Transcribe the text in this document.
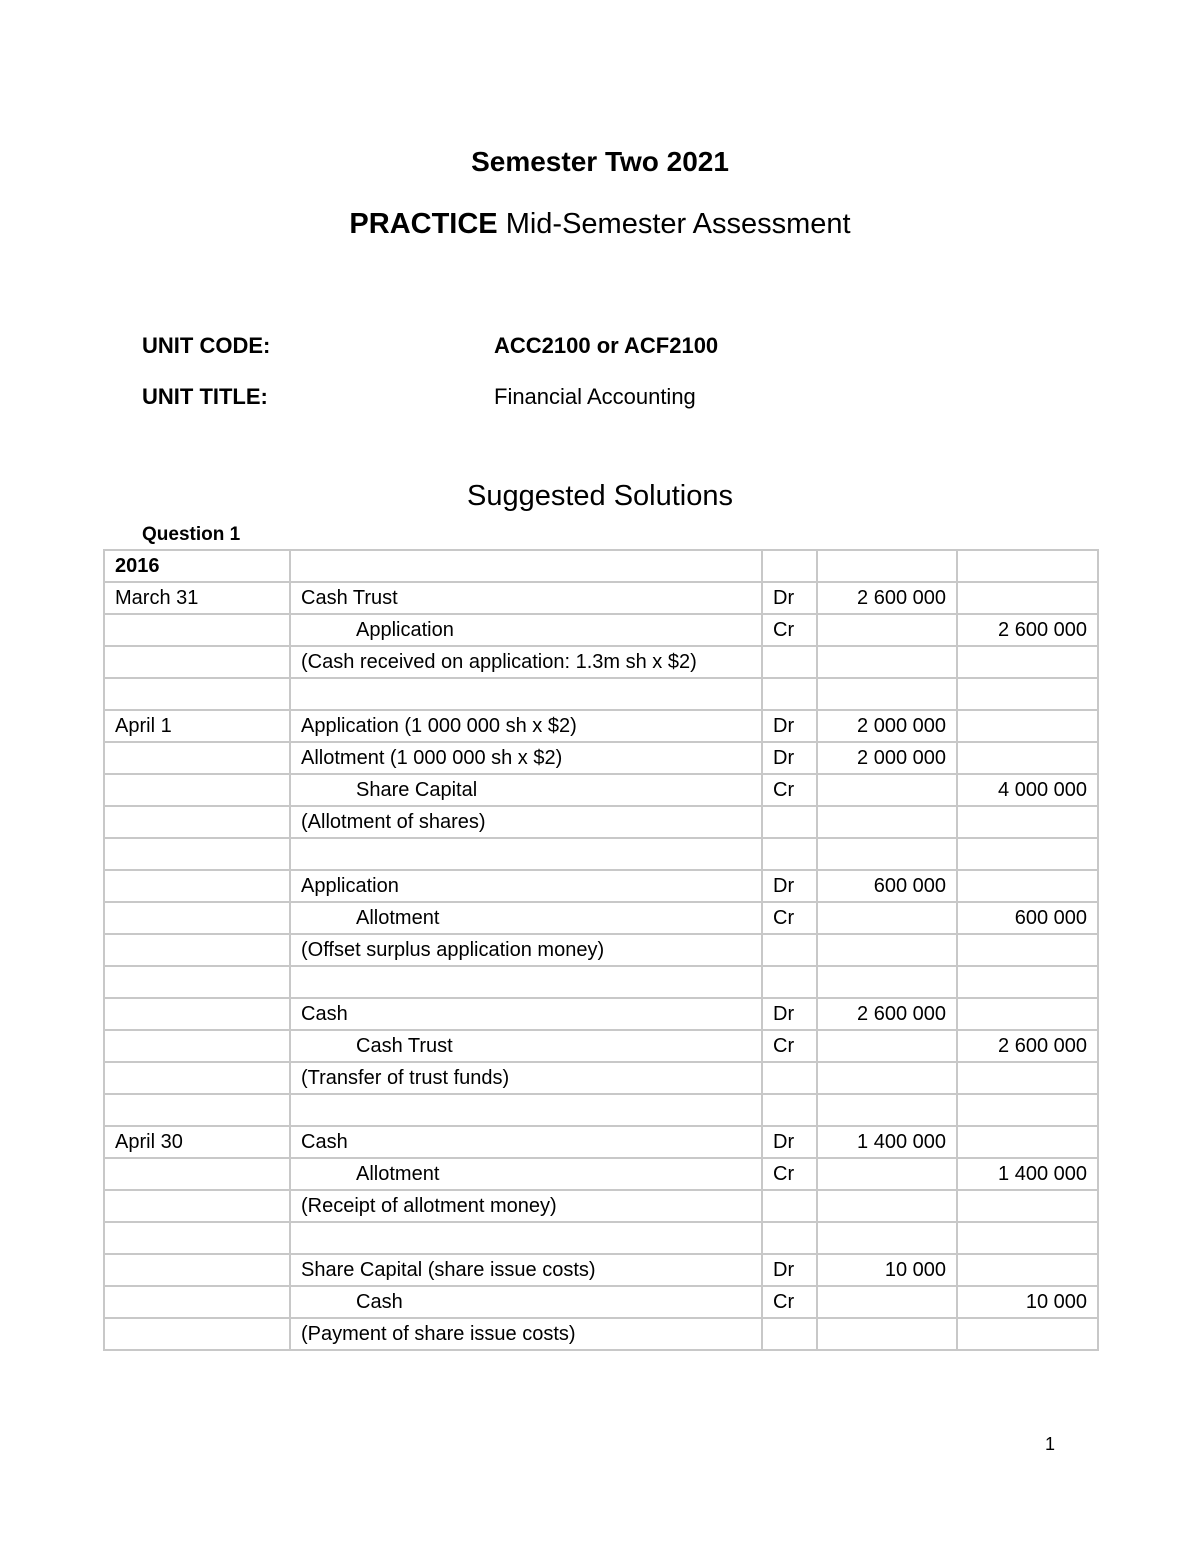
Semester Two 2021
PRACTICE Mid-Semester Assessment
UNIT CODE:	ACC2100 or ACF2100
UNIT TITLE:	Financial Accounting
Suggested Solutions
Question 1
2016				
March 31	Cash Trust	Dr	2 600 000	
	Application	Cr		2 600 000
	(Cash received on application: 1.3m sh x $2)			

April 1	Application (1 000 000 sh x $2)	Dr	2 000 000	
	Allotment (1 000 000 sh x $2)	Dr	2 000 000	
	Share Capital	Cr		4 000 000
	(Allotment of shares)			

	Application	Dr	600 000	
	Allotment	Cr		600 000
	(Offset surplus application money)			

	Cash	Dr	2 600 000	
	Cash Trust	Cr		2 600 000
	(Transfer of trust funds)			

April 30	Cash	Dr	1 400 000	
	Allotment	Cr		1 400 000
	(Receipt of allotment money)			

	Share Capital (share issue costs)	Dr	10 000	
	Cash	Cr		10 000
	(Payment of share issue costs)			
1
